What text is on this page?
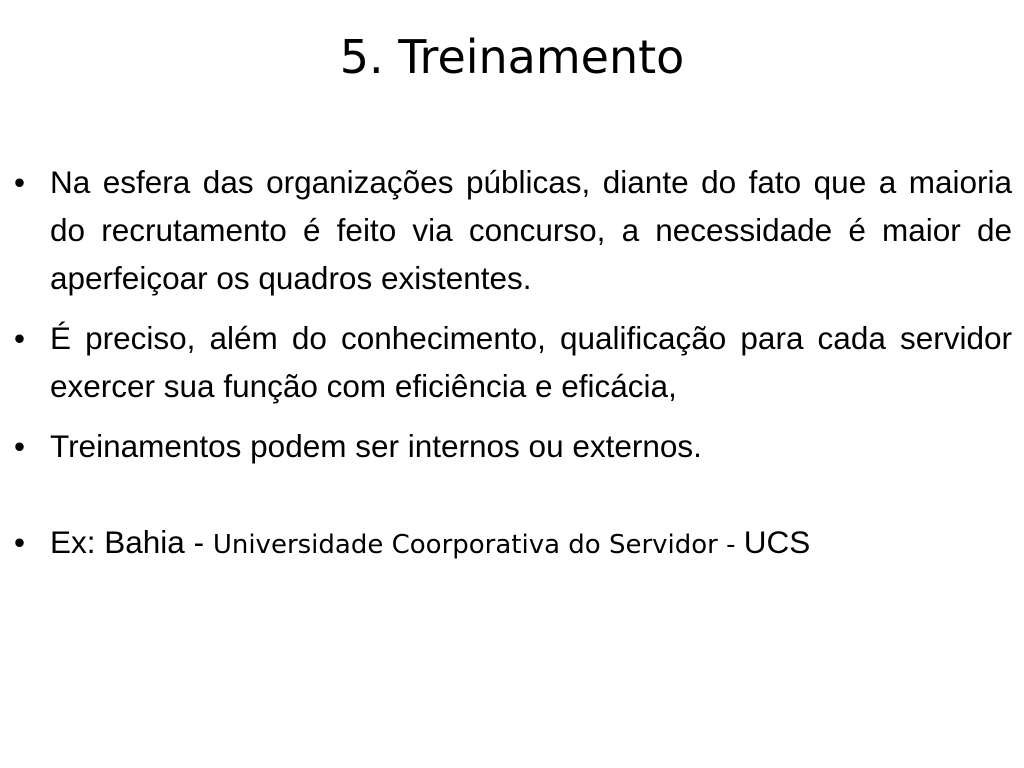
5. Treinamento
• Na esfera das organizações públicas, diante do fato que a maioria do recrutamento é feito via concurso, a necessidade é maior de aperfeiçoar os quadros existentes.
• É preciso, além do conhecimento, qualificação para cada servidor exercer sua função com eficiência e eficácia,
• Treinamentos podem ser internos ou externos.
• Ex: Bahia - Universidade Coorporativa do Servidor - UCS
